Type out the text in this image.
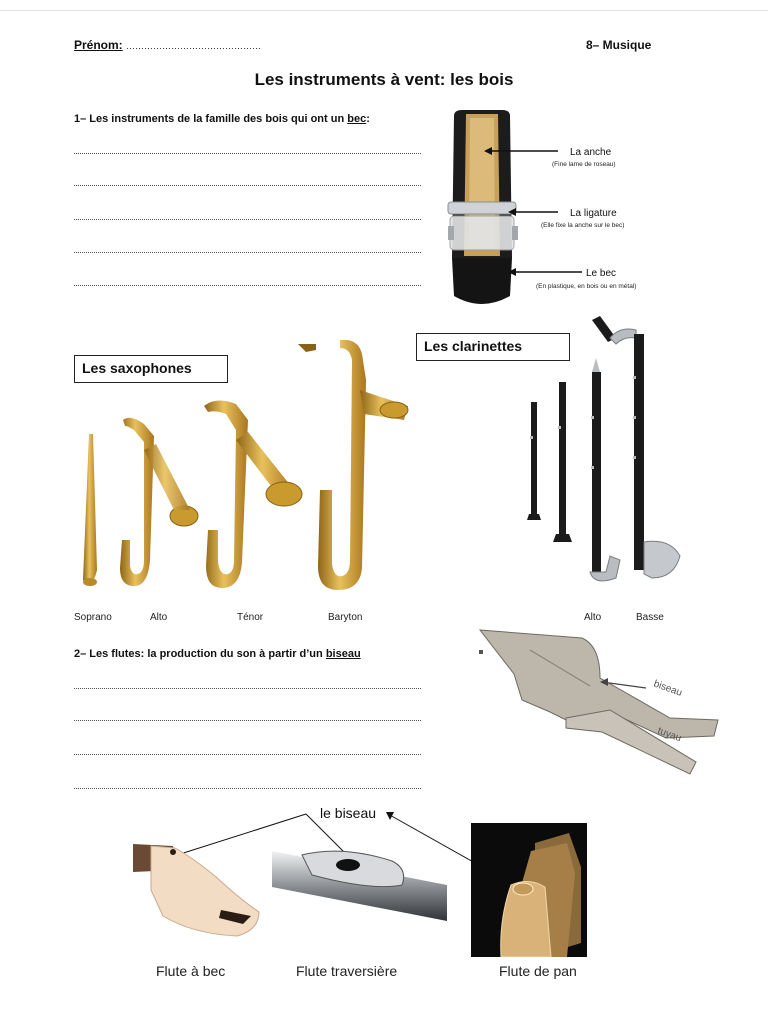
Prénom: ………………………………………	8– Musique
Les instruments à vent: les bois
1– Les instruments de la famille des bois qui ont un bec:
La anche
(Fine lame de roseau)
La ligature
(Elle fixe la anche sur le bec)
Le bec
(En plastique, en bois ou en métal)
Les saxophones
Les clarinettes
Soprano	Alto	Ténor	Baryton	Alto	Basse
2– Les flutes: la production du son à partir d’un biseau
biseau
tuyau
le biseau
Flute à bec	Flute traversière	Flute de pan
